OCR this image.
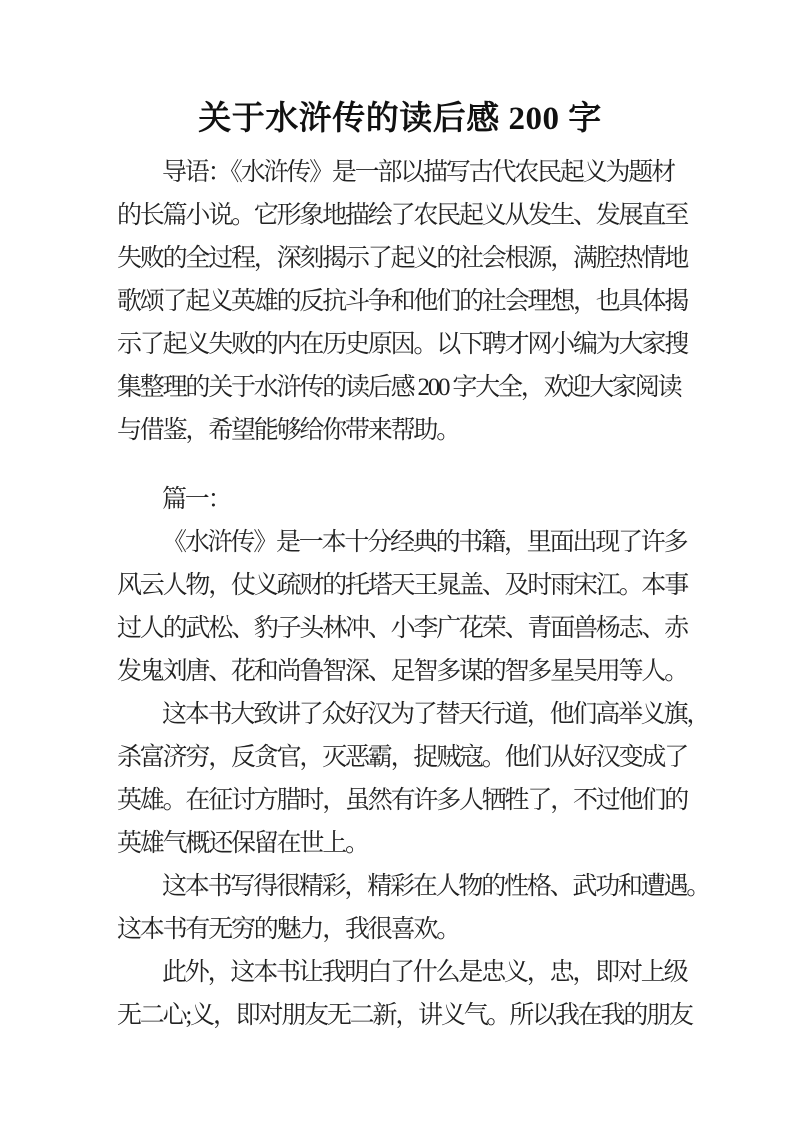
关于水浒传的读后感 200 字
导语：《水浒传》是一部以描写古代农民起义为题材
的长篇小说。它形象地描绘了农民起义从发生、发展直至
失败的全过程，深刻揭示了起义的社会根源，满腔热情地
歌颂了起义英雄的反抗斗争和他们的社会理想，也具体揭
示了起义失败的内在历史原因。以下聘才网小编为大家搜
集整理的关于水浒传的读后感 200 字大全，欢迎大家阅读
与借鉴，希望能够给你带来帮助。
篇一：
《水浒传》是一本十分经典的书籍，里面出现了许多
风云人物，仗义疏财的托塔天王晁盖、及时雨宋江。本事
过人的武松、豹子头林冲、小李广花荣、青面兽杨志、赤
发鬼刘唐、花和尚鲁智深、足智多谋的智多星吴用等人。
这本书大致讲了众好汉为了替天行道，他们高举义旗，
杀富济穷，反贪官，灭恶霸，捉贼寇。他们从好汉变成了
英雄。在征讨方腊时，虽然有许多人牺牲了，不过他们的
英雄气概还保留在世上。
这本书写得很精彩，精彩在人物的性格、武功和遭遇。
这本书有无穷的魅力，我很喜欢。
此外，这本书让我明白了什么是忠义，忠，即对上级
无二心;义，即对朋友无二新，讲义气。所以我在我的朋友
